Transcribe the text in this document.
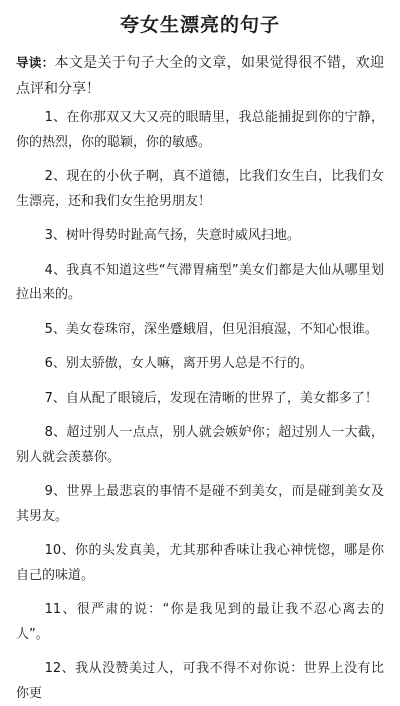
夸女生漂亮的句子

导读：本文是关于句子大全的文章，如果觉得很不错，欢迎点评和分享！

1、在你那双又大又亮的眼睛里，我总能捕捉到你的宁静，你的热烈，你的聪颖，你的敏感。

2、现在的小伙子啊，真不道德，比我们女生白，比我们女生漂亮，还和我们女生抢男朋友！

3、树叶得势时趾高气扬，失意时威风扫地。

4、我真不知道这些“气滞胃痛型”美女们都是大仙从哪里划拉出来的。

5、美女卷珠帘，深坐蹙蛾眉，但见泪痕湿，不知心恨谁。

6、别太骄傲，女人嘛，离开男人总是不行的。

7、自从配了眼镜后，发现在清晰的世界了，美女都多了！

8、超过别人一点点，别人就会嫉妒你；超过别人一大截，别人就会羡慕你。

9、世界上最悲哀的事情不是碰不到美女，而是碰到美女及其男友。

10、你的头发真美，尤其那种香味让我心神恍惚，哪是你自己的味道。

11、很严肃的说：“你是我见到的最让我不忍心离去的人”。

12、我从没赞美过人，可我不得不对你说：世界上没有比你更
